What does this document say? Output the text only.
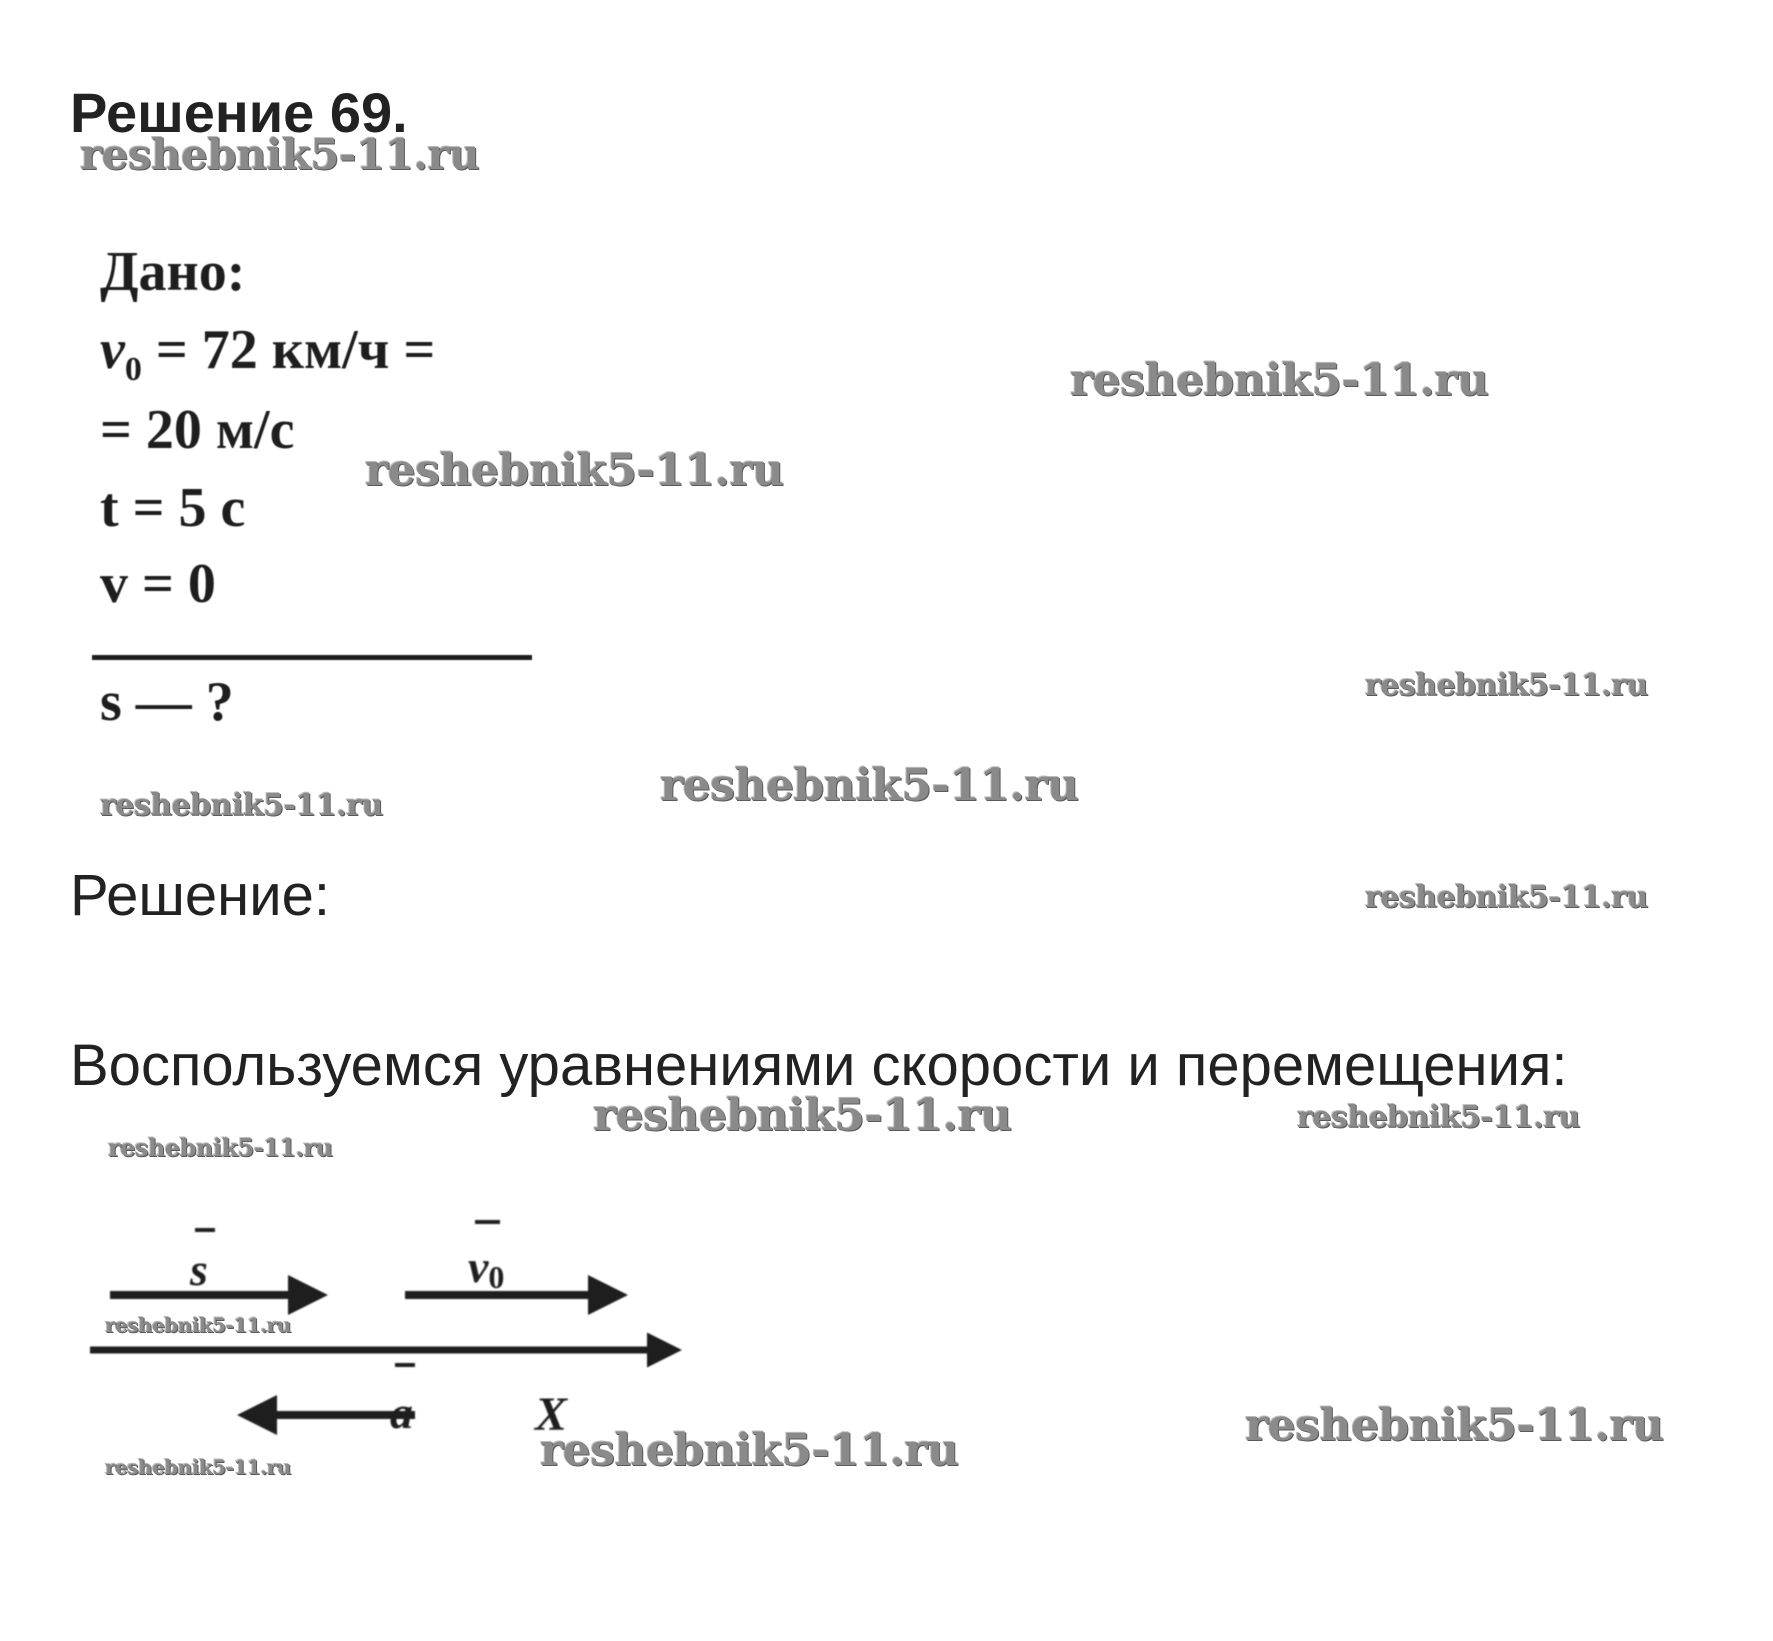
Решение 69.
Дано:
$v_0 = 72$ км/ч =
= 20 м/с
t = 5 с
v = 0
s — ?
Решение:
Воспользуемся уравнениями скорости и перемещения:
s	v0
a	X
reshebnik5-11.ru
reshebnik5-11.ru
reshebnik5-11.ru
reshebnik5-11.ru
reshebnik5-11.ru	reshebnik5-11.ru
reshebnik5-11.ru
reshebnik5-11.ru	reshebnik5-11.ru
reshebnik5-11.ru
reshebnik5-11.ru
reshebnik5-11.ru
reshebnik5-11.ru
reshebnik5-11.ru
